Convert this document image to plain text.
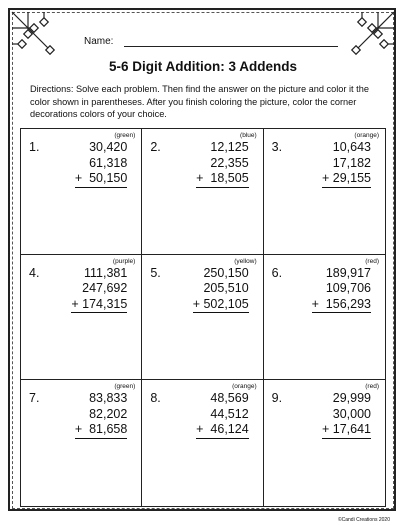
Name:
5-6 Digit Addition: 3 Addends
Directions: Solve each problem. Then find the answer on the picture and color it the color shown in parentheses. After you finish coloring the picture, color the corner decorations colors of your choice.
(green)
1.	30,420
61,318
+  50,150
(blue)
2.	12,125
22,355
+  18,505
(orange)
3.	10,643
17,182
+ 29,155
(purple)
4.	111,381
247,692
+ 174,315
(yellow)
5.	250,150
205,510
+ 502,105
(red)
6.	189,917
109,706
+  156,293
(green)
7.	83,833
82,202
+  81,658
(orange)
8.	48,569
44,512
+  46,124
(red)
9.	29,999
30,000
+ 17,641
©Candi Creations 2020
